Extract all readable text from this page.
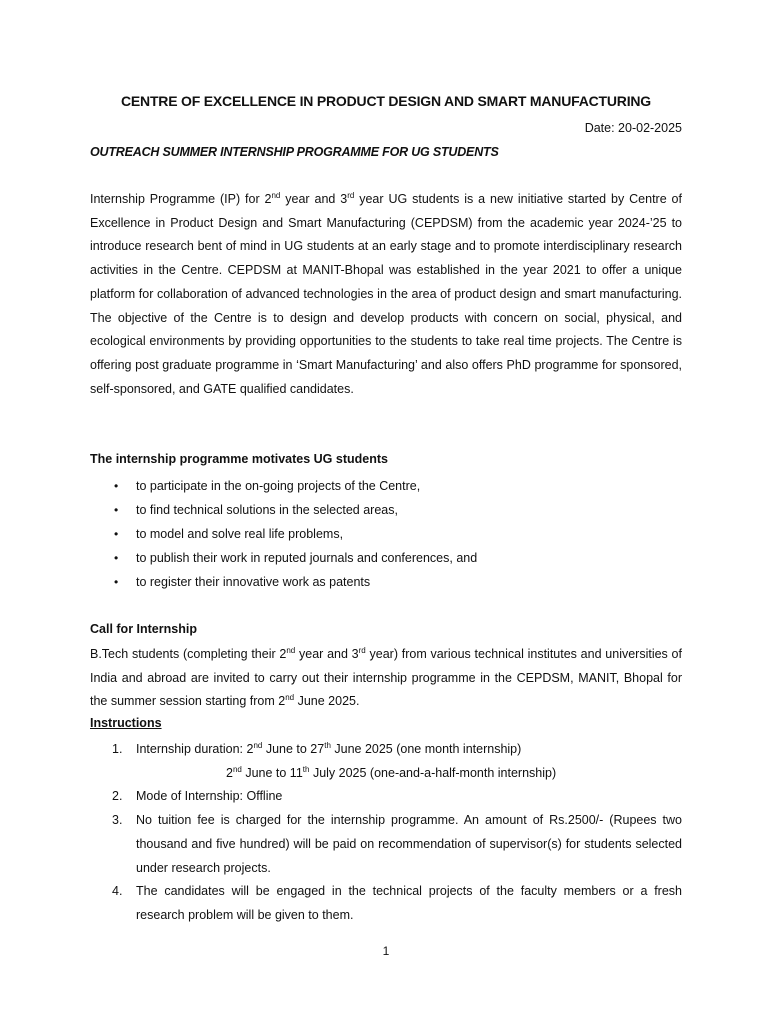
CENTRE OF EXCELLENCE IN PRODUCT DESIGN AND SMART MANUFACTURING
Date: 20-02-2025
OUTREACH SUMMER INTERNSHIP PROGRAMME FOR UG STUDENTS
Internship Programme (IP) for 2nd year and 3rd year UG students is a new initiative started by Centre of Excellence in Product Design and Smart Manufacturing (CEPDSM) from the academic year 2024-’25 to introduce research bent of mind in UG students at an early stage and to promote interdisciplinary research activities in the Centre. CEPDSM at MANIT-Bhopal was established in the year 2021 to offer a unique platform for collaboration of advanced technologies in the area of product design and smart manufacturing. The objective of the Centre is to design and develop products with concern on social, physical, and ecological environments by providing opportunities to the students to take real time projects. The Centre is offering post graduate programme in ‘Smart Manufacturing’ and also offers PhD programme for sponsored, self-sponsored, and GATE qualified candidates.
The internship programme motivates UG students
• to participate in the on-going projects of the Centre,
• to find technical solutions in the selected areas,
• to model and solve real life problems,
• to publish their work in reputed journals and conferences, and
• to register their innovative work as patents
Call for Internship
B.Tech students (completing their 2nd year and 3rd year) from various technical institutes and universities of India and abroad are invited to carry out their internship programme in the CEPDSM, MANIT, Bhopal for the summer session starting from 2nd June 2025.
Instructions
1. Internship duration: 2nd June to 27th June 2025 (one month internship)
2nd June to 11th July 2025 (one-and-a-half-month internship)
2. Mode of Internship: Offline
3. No tuition fee is charged for the internship programme. An amount of Rs.2500/- (Rupees two thousand and five hundred) will be paid on recommendation of supervisor(s) for students selected under research projects.
4. The candidates will be engaged in the technical projects of the faculty members or a fresh research problem will be given to them.
1
